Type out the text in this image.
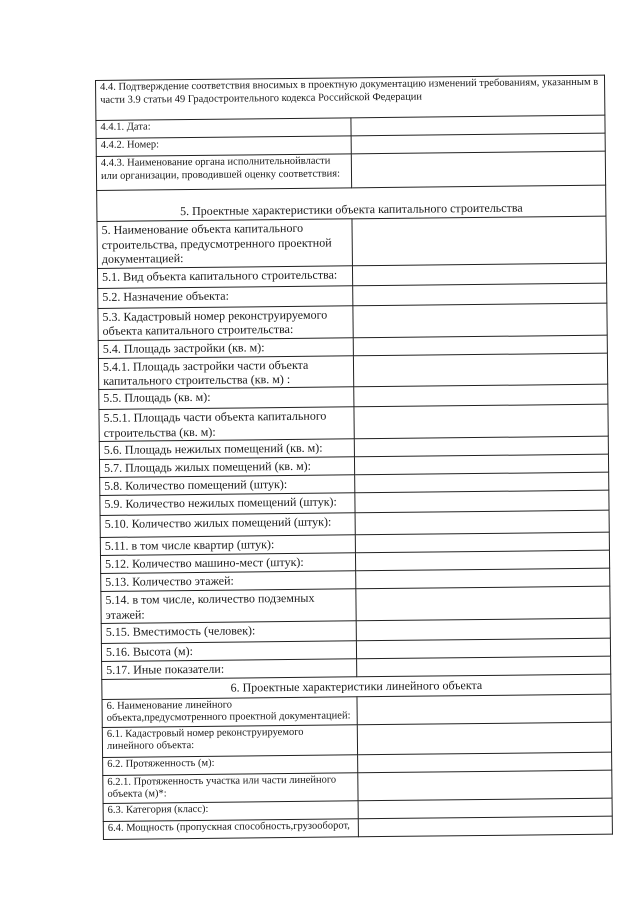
4.4. Подтверждение соответствия вносимых в проектную документацию изменений требованиям, указанным в части 3.9 статьи 49 Градостроительного кодекса Российской Федерации	
4.4.1. Дата:	
4.4.2. Номер:	
4.4.3. Наименование органа исполнительнойвласти или организации, проводившей оценку соответствия:	
5. Проектные характеристики объекта капитального строительства	
5. Наименование объекта капитального строительства, предусмотренного проектной документацией:	
5.1. Вид объекта капитального строительства:	
5.2. Назначение объекта:	
5.3. Кадастровый номер реконструируемого объекта капитального строительства:	
5.4. Площадь застройки (кв. м):	
5.4.1. Площадь застройки части объекта капитального строительства (кв. м) :	
5.5. Площадь (кв. м):	
5.5.1. Площадь части объекта капитального строительства (кв. м):	
5.6. Площадь нежилых помещений (кв. м):	
5.7. Площадь жилых помещений (кв. м):	
5.8. Количество помещений (штук):	
5.9. Количество нежилых помещений (штук):	
5.10. Количество жилых помещений (штук):	
5.11. в том числе квартир (штук):	
5.12. Количество машино-мест (штук):	
5.13. Количество этажей:	
5.14. в том числе, количество подземных этажей:	
5.15. Вместимость (человек):	
5.16. Высота (м):	
5.17. Иные показатели:	
6. Проектные характеристики линейного объекта	
6. Наименование линейного объекта,предусмотренного проектной документацией:	
6.1. Кадастровый номер реконструируемого линейного объекта:	
6.2. Протяженность (м):	
6.2.1. Протяженность участка или части линейного объекта (м)*:	
6.3. Категория (класс):	
6.4. Мощность (пропускная способность,грузооборот,	
